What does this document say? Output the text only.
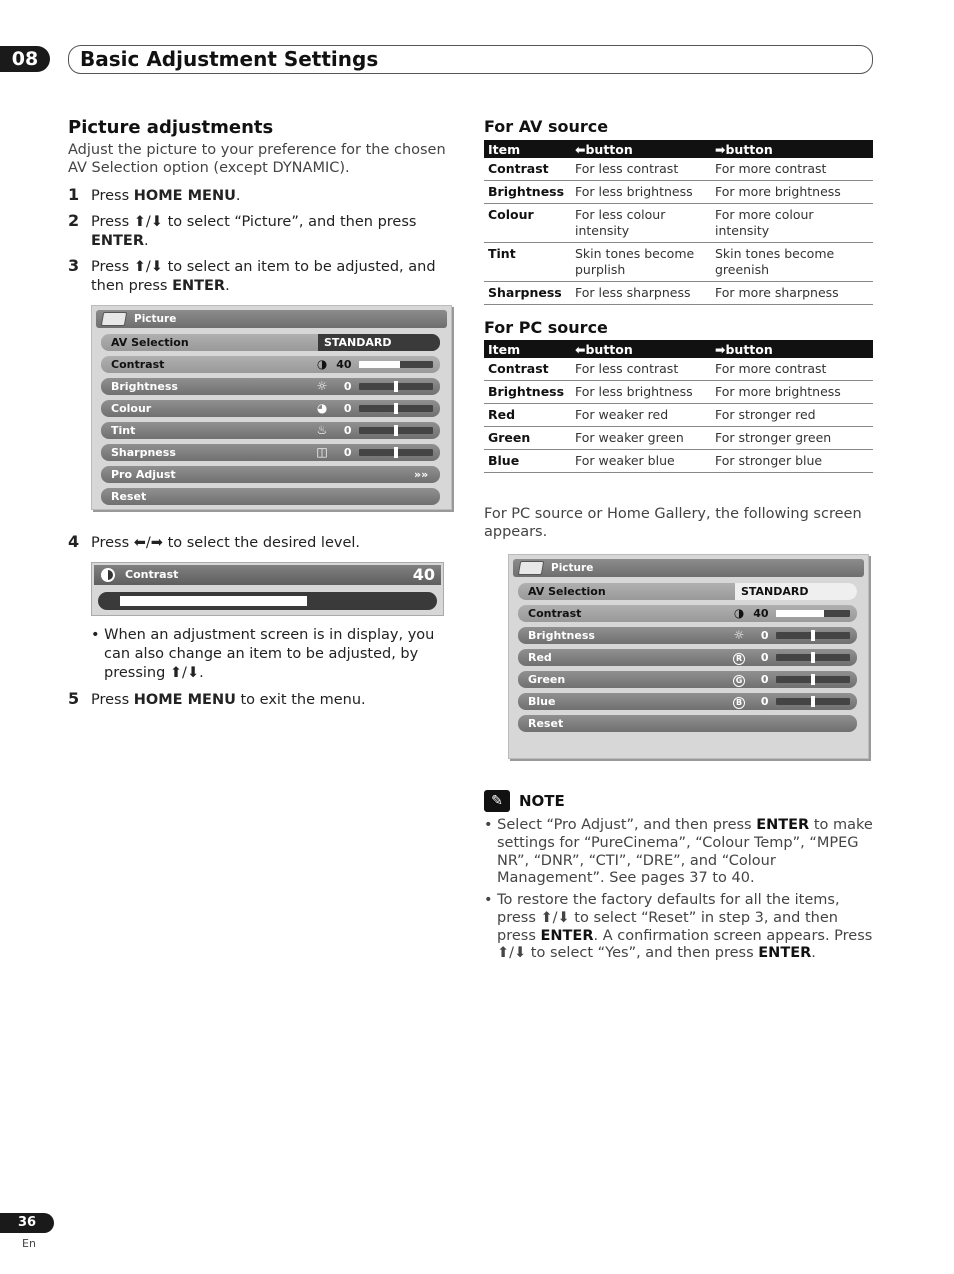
08	Basic Adjustment Settings
Picture adjustments
Adjust the picture to your preference for the chosen AV Selection option (except DYNAMIC).
1 Press HOME MENU.
2 Press ⬆/⬇ to select “Picture”, and then press ENTER.
3 Press ⬆/⬇ to select an item to be adjusted, and then press ENTER.
Picture
AV Selection	STANDARD
Contrast	◑ 40
Brightness	☼	0
Colour	◕	0
Tint	♨	0
Sharpness	◫	0
Pro Adjust	»»
Reset
4 Press ⬅/➡ to select the desired level.
Contrast	40
• When an adjustment screen is in display, you can also change an item to be adjusted, by pressing ⬆/⬇.
5 Press HOME MENU to exit the menu.
For AV source
Item	⬅ button	➡ button
Contrast	For less contrast	For more contrast
Brightness	For less brightness	For more brightness
Colour	For less colour intensity	For more colour intensity
Tint	Skin tones become purplish	Skin tones become greenish
Sharpness	For less sharpness	For more sharpness
For PC source
Item	⬅ button	➡ button
Contrast	For less contrast	For more contrast
Brightness	For less brightness	For more brightness
Red	For weaker red	For stronger red
Green	For weaker green	For stronger green
Blue	For weaker blue	For stronger blue
For PC source or Home Gallery, the following screen appears.
Picture
AV Selection	STANDARD
Contrast	◑ 40
Brightness	☼	0
Red	R	0
Green	G	0
Blue	B	0
Reset
✎	NOTE
• Select “Pro Adjust”, and then press ENTER to make settings for “PureCinema”, “Colour Temp”, “MPEG NR”, “DNR”, “CTI”, “DRE”, and “Colour Management”. See pages 37 to 40.
• To restore the factory defaults for all the items, press ⬆/⬇ to select “Reset” in step 3, and then press ENTER. A confirmation screen appears. Press ⬆/⬇ to select “Yes”, and then press ENTER.
36
En
